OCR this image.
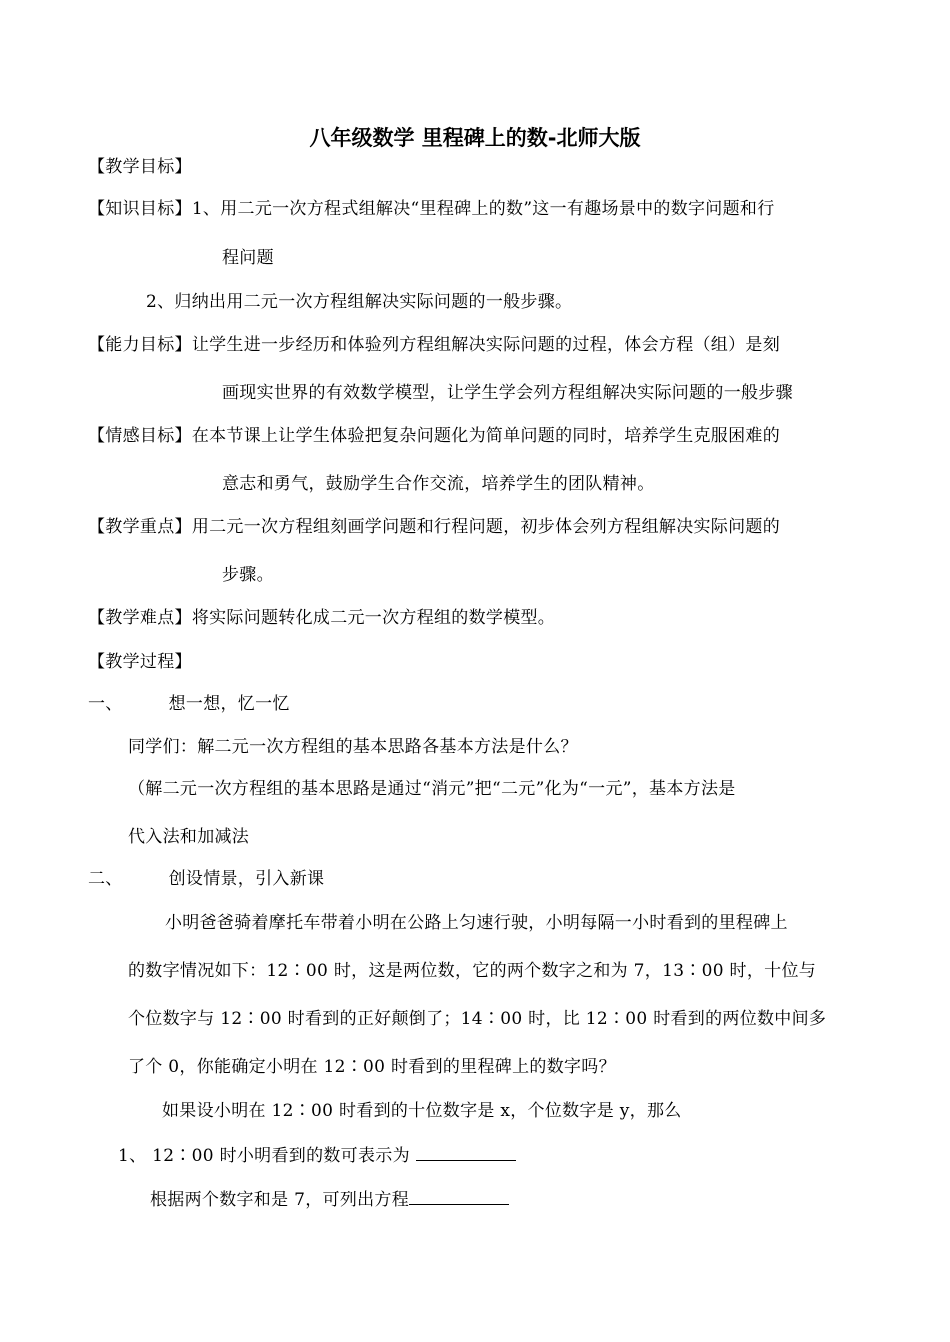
八年级数学 里程碑上的数-北师大版
【教学目标】
【知识目标】1、用二元一次方程式组解决“里程碑上的数”这一有趣场景中的数字问题和行
程问题
2、归纳出用二元一次方程组解决实际问题的一般步骤。
【能力目标】让学生进一步经历和体验列方程组解决实际问题的过程，体会方程（组）是刻
画现实世界的有效数学模型，让学生学会列方程组解决实际问题的一般步骤
【情感目标】在本节课上让学生体验把复杂问题化为简单问题的同时，培养学生克服困难的
意志和勇气，鼓励学生合作交流，培养学生的团队精神。
【教学重点】用二元一次方程组刻画学问题和行程问题，初步体会列方程组解决实际问题的
步骤。
【教学难点】将实际问题转化成二元一次方程组的数学模型。
【教学过程】
一、	想一想，忆一忆
同学们：解二元一次方程组的基本思路各基本方法是什么？
（解二元一次方程组的基本思路是通过“消元”把“二元”化为“一元”，基本方法是
代入法和加减法
二、	创设情景，引入新课
小明爸爸骑着摩托车带着小明在公路上匀速行驶，小明每隔一小时看到的里程碑上
的数字情况如下：12∶00 时，这是两位数，它的两个数字之和为 7，13∶00 时，十位与
个位数字与 12∶00 时看到的正好颠倒了；14∶00 时，比 12∶00 时看到的两位数中间多
了个 0，你能确定小明在 12∶00 时看到的里程碑上的数字吗？
如果设小明在 12∶00 时看到的十位数字是 x，个位数字是 y，那么
1、 12∶00 时小明看到的数可表示为
根据两个数字和是 7，可列出方程
